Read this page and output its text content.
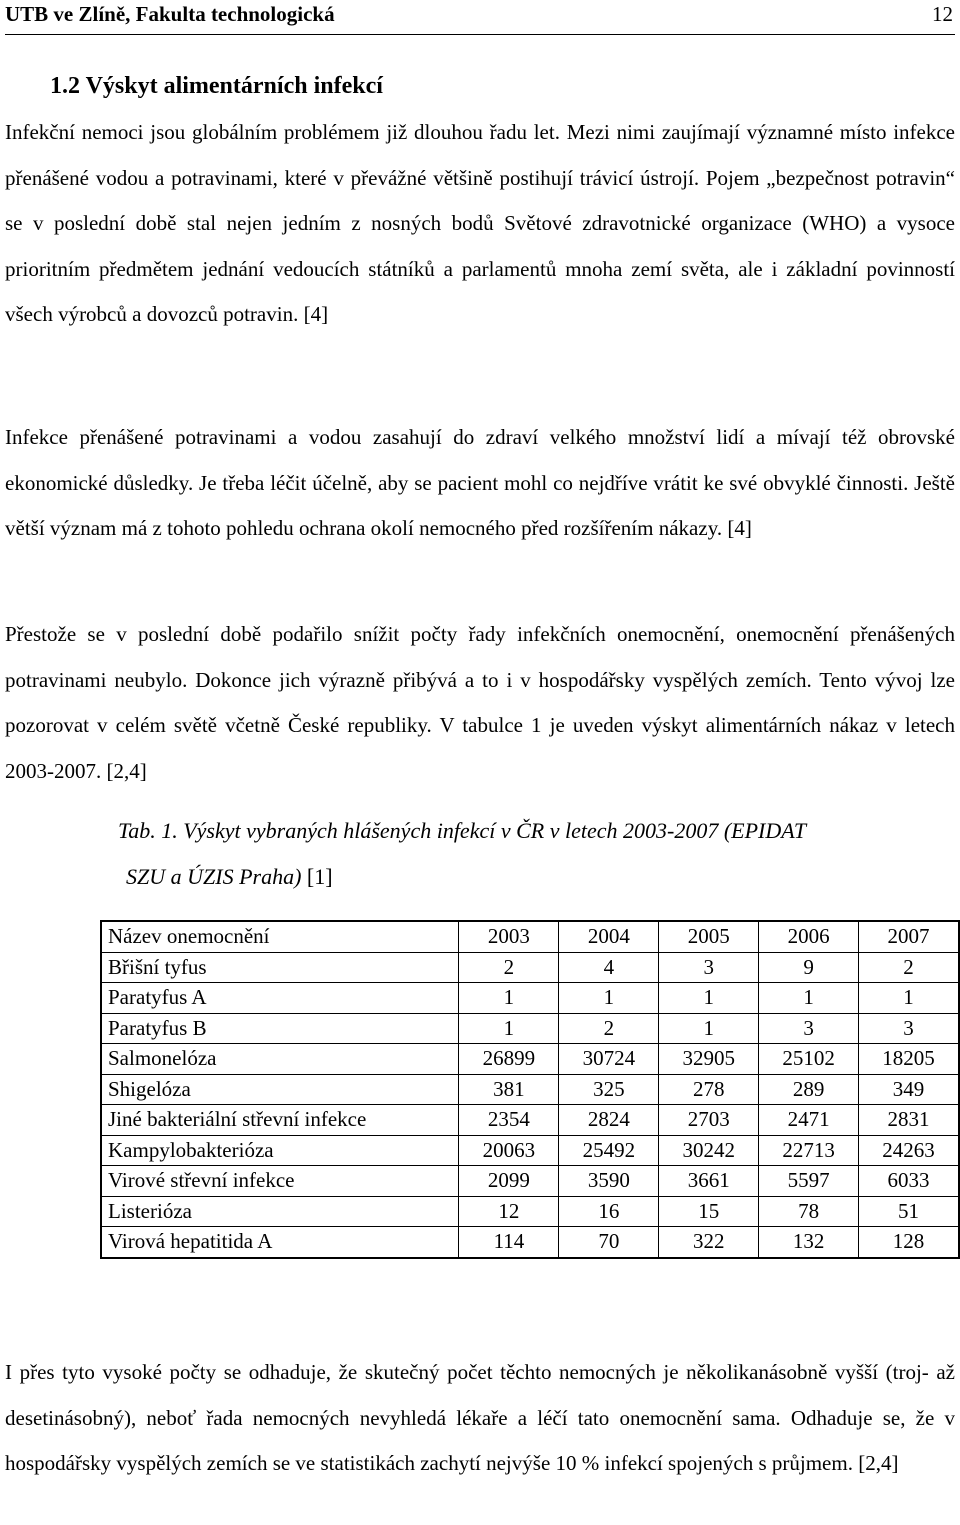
UTB ve Zlíně, Fakulta technologická	12
1.2 Výskyt alimentárních infekcí

Infekční nemoci jsou globálním problémem již dlouhou řadu let. Mezi nimi zaujímají významné místo infekce přenášené vodou a potravinami, které v převážné většině postihují trávicí ústrojí. Pojem „bezpečnost potravin“ se v poslední době stal nejen jedním z nosných bodů Světové zdravotnické organizace (WHO) a vysoce prioritním předmětem jednání vedoucích státníků a parlamentů mnoha zemí světa, ale i základní povinností všech výrobců a dovozců potravin. [4]

Infekce přenášené potravinami a vodou zasahují do zdraví velkého množství lidí a mívají též obrovské ekonomické důsledky. Je třeba léčit účelně, aby se pacient mohl co nejdříve vrátit ke své obvyklé činnosti. Ještě větší význam má z tohoto pohledu ochrana okolí nemocného před rozšířením nákazy. [4]

Přestože se v poslední době podařilo snížit počty řady infekčních onemocnění, onemocnění přenášených potravinami neubylo. Dokonce jich výrazně přibývá a to i v hospodářsky vyspělých zemích. Tento vývoj lze pozorovat v celém světě včetně České republiky. V tabulce 1 je uveden výskyt alimentárních nákaz v letech 2003-2007. [2,4]

Tab. 1. Výskyt vybraných hlášených infekcí v ČR v letech 2003-2007 (EPIDAT
SZU a ÚZIS Praha) [1]
Název onemocnění	2003	2004	2005	2006	2007
Břišní tyfus	2	4	3	9	2
Paratyfus A	1	1	1	1	1
Paratyfus B	1	2	1	3	3
Salmonelóza	26899	30724	32905	25102	18205
Shigelóza	381	325	278	289	349
Jiné bakteriální střevní infekce	2354	2824	2703	2471	2831
Kampylobakterióza	20063	25492	30242	22713	24263
Virové střevní infekce	2099	3590	3661	5597	6033
Listerióza	12	16	15	78	51
Virová hepatitida A	114	70	322	132	128

I přes tyto vysoké počty se odhaduje, že skutečný počet těchto nemocných je několikanásobně vyšší (troj- až desetinásobný), neboť řada nemocných nevyhledá lékaře a léčí tato onemocnění sama. Odhaduje se, že v hospodářsky vyspělých zemích se ve statistikách zachytí nejvýše 10 % infekcí spojených s průjmem. [2,4]
